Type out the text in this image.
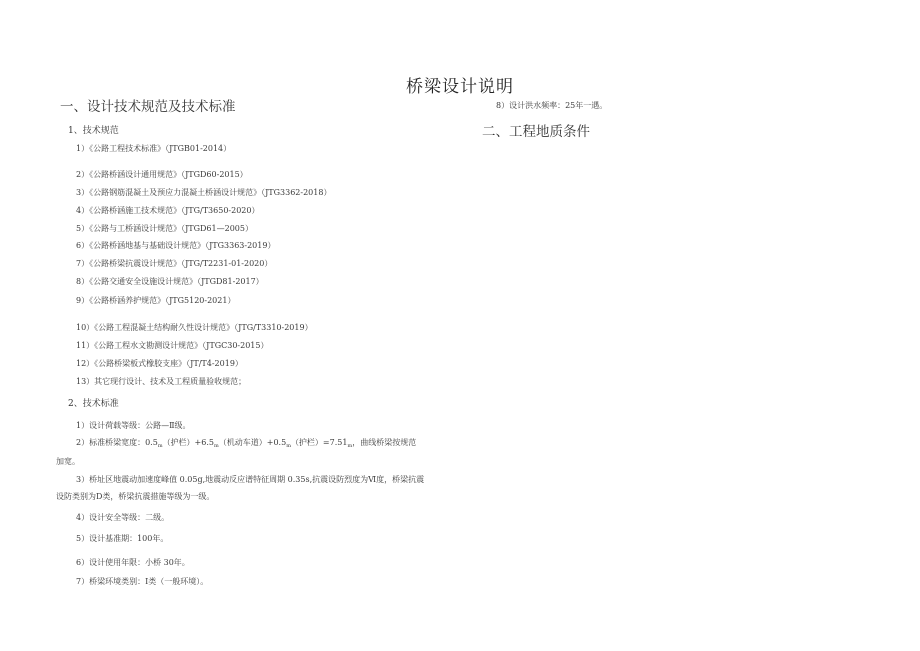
桥梁设计说明
一、设计技术规范及技术标准
1、技术规范
1）《公路工程技术标准》（JTGB01-2014）
2）《公路桥涵设计通用规范》（JTGD60-2015）
3）《公路钢筋混凝土及预应力混凝土桥涵设计规范》（JTG3362-2018）
4）《公路桥涵施工技术规范》（JTG/T3650-2020）
5）《公路与工桥涵设计规范》（JTGD61—2005）
6）《公路桥涵地基与基础设计规范》（JTG3363-2019）
7）《公路桥梁抗震设计规范》（JTG/T2231-01-2020）
8）《公路交通安全设施设计规范》（JTGD81-2017）
9）《公路桥涵养护规范》（JTG5120-2021）
10）《公路工程混凝土结构耐久性设计规范》（JTG/T3310-2019）
11）《公路工程水文勘测设计规范》（JTGC30-2015）
12）《公路桥梁板式橡胶支座》（JT/T4-2019）
13）其它现行设计、技术及工程质量验收规范；
2、技术标准
1）设计荷载等级：公路—Ⅱ级。
2）标准桥梁宽度：$0.5_m$（护栏）$+6.5_m$（机动车道）$+0.5_m$（护栏）$=7.51_m$，曲线桥梁按规范
加宽。
3）桥址区地震动加速度峰值 0.05g,地震动反应谱特征周期 0.35s,抗震设防烈度为Ⅵ度，桥梁抗震
设防类别为D类，桥梁抗震措施等级为一级。
4）设计安全等级：二级。
5）设计基准期：100年。
6）设计使用年限：小桥 30年。
7）桥梁环境类别：Ⅰ类（一般环境）。
8）设计洪水频率：25年一遇。
二、工程地质条件
